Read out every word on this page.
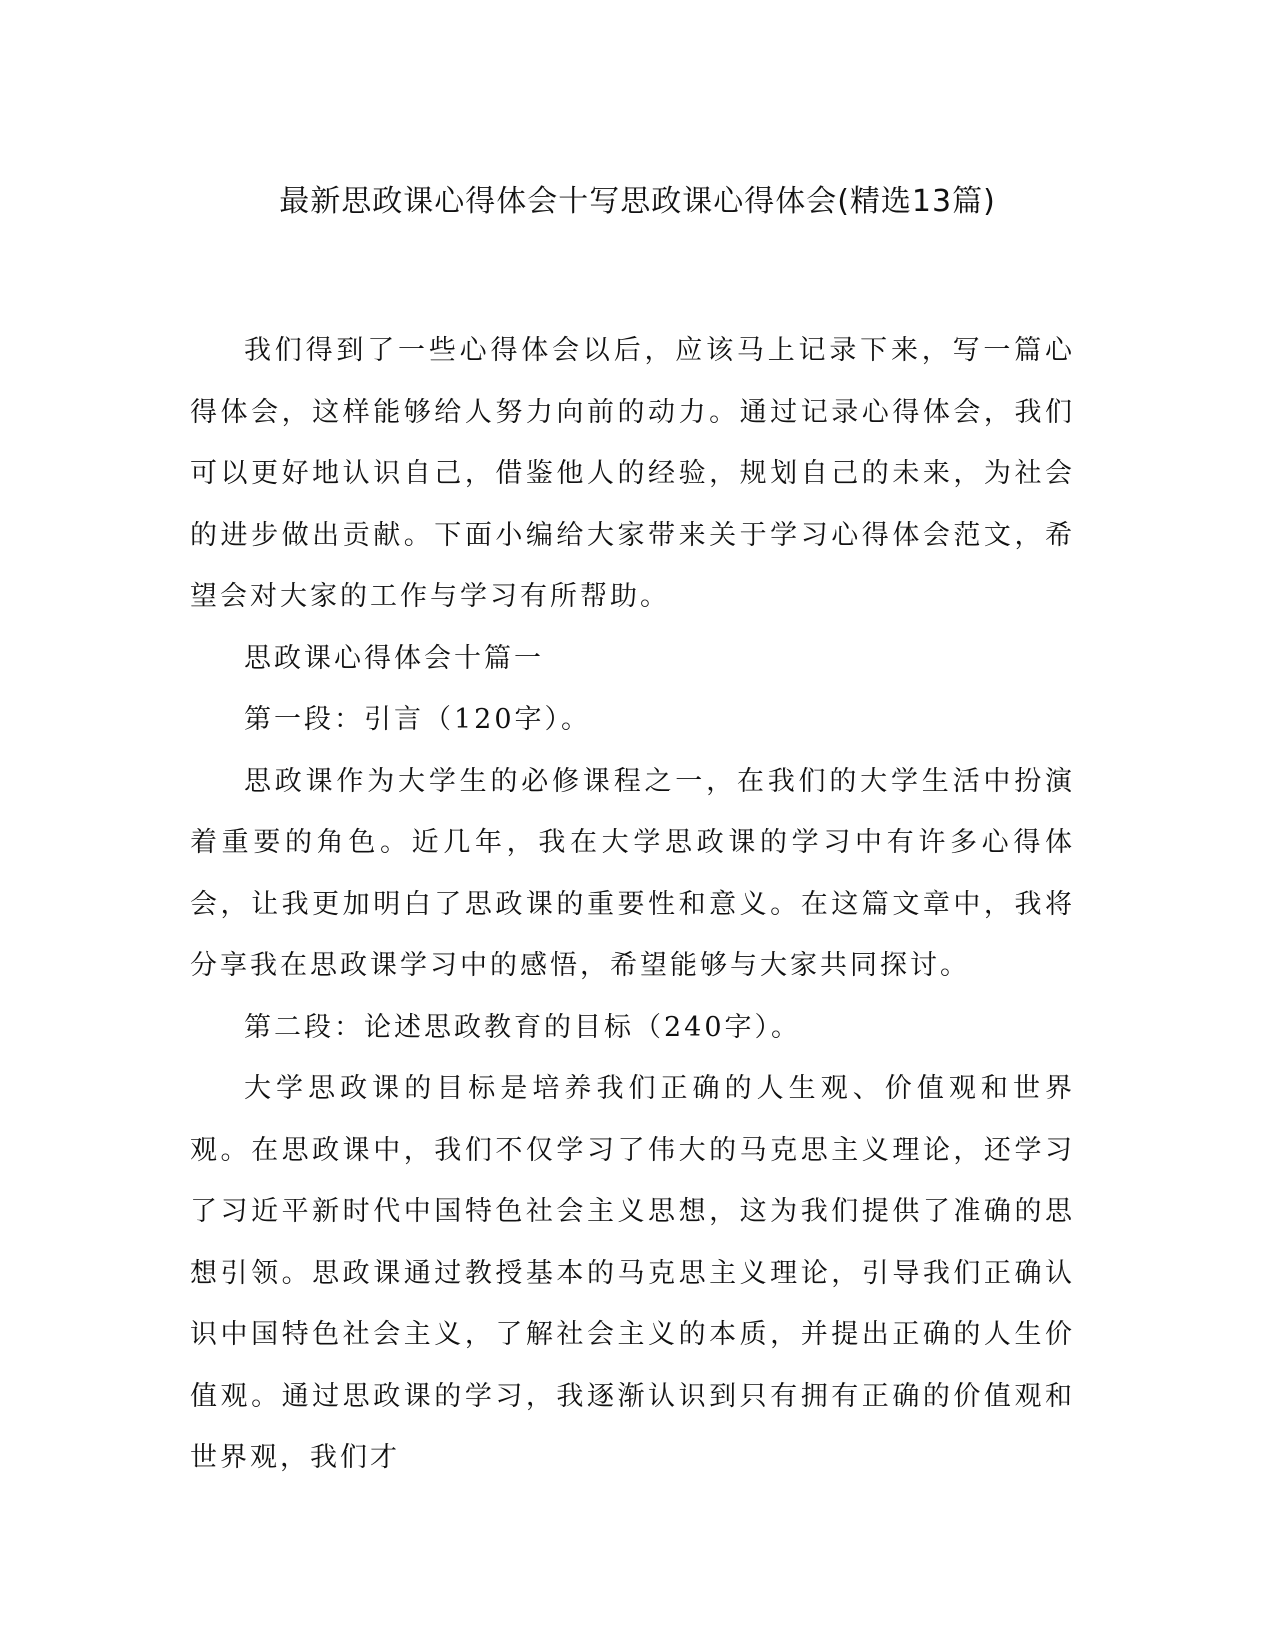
最新思政课心得体会十写思政课心得体会(精选13篇)

我们得到了一些心得体会以后，应该马上记录下来，写一篇心得体会，这样能够给人努力向前的动力。通过记录心得体会，我们可以更好地认识自己，借鉴他人的经验，规划自己的未来，为社会的进步做出贡献。下面小编给大家带来关于学习心得体会范文，希望会对大家的工作与学习有所帮助。

思政课心得体会十篇一

第一段：引言（120字）。

思政课作为大学生的必修课程之一，在我们的大学生活中扮演着重要的角色。近几年，我在大学思政课的学习中有许多心得体会，让我更加明白了思政课的重要性和意义。在这篇文章中，我将分享我在思政课学习中的感悟，希望能够与大家共同探讨。

第二段：论述思政教育的目标（240字）。

大学思政课的目标是培养我们正确的人生观、价值观和世界观。在思政课中，我们不仅学习了伟大的马克思主义理论，还学习了习近平新时代中国特色社会主义思想，这为我们提供了准确的思想引领。思政课通过教授基本的马克思主义理论，引导我们正确认识中国特色社会主义，了解社会主义的本质，并提出正确的人生价值观。通过思政课的学习，我逐渐认识到只有拥有正确的价值观和世界观，我们才
